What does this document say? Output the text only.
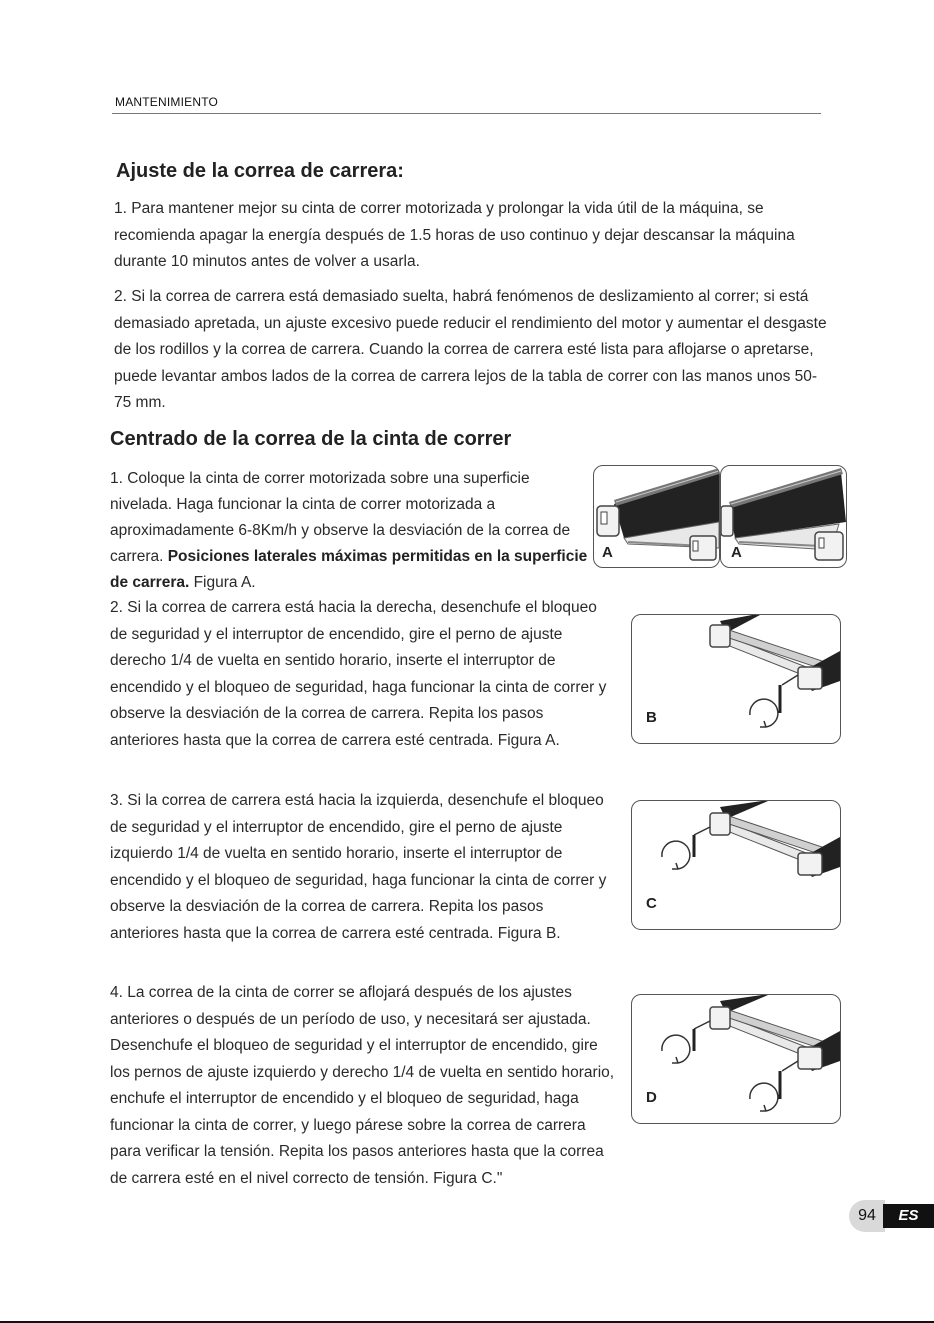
MANTENIMIENTO
Ajuste de la correa de carrera:

1. Para mantener mejor su cinta de correr motorizada y prolongar la vida útil de la máquina, se recomienda apagar la energía después de 1.5 horas de uso continuo y dejar descansar la máquina durante 10 minutos antes de volver a usarla.

2. Si la correa de carrera está demasiado suelta, habrá fenómenos de deslizamiento al correr; si está demasiado apretada, un ajuste excesivo puede reducir el rendimiento del motor y aumentar el desgaste de los rodillos y la correa de carrera. Cuando la correa de carrera esté lista para aflojarse o apretarse, puede levantar ambos lados de la correa de carrera lejos de la tabla de correr con las manos unos 50-75 mm.

Centrado de la correa de la cinta de correr

1. Coloque la cinta de correr motorizada sobre una superficie nivelada. Haga funcionar la cinta de correr motorizada a aproximadamente 6-8Km/h y observe la desviación de la correa de carrera. Posiciones laterales máximas permitidas en la superficie de carrera. Figura A.

2. Si la correa de carrera está hacia la derecha, desenchufe el bloqueo de seguridad y el interruptor de encendido, gire el perno de ajuste derecho 1/4 de vuelta en sentido horario, inserte el interruptor de encendido y el bloqueo de seguridad, haga funcionar la cinta de correr y observe la desviación de la correa de carrera. Repita los pasos anteriores hasta que la correa de carrera esté centrada. Figura A.

3. Si la correa de carrera está hacia la izquierda, desenchufe el bloqueo de seguridad y el interruptor de encendido, gire el perno de ajuste izquierdo 1/4 de vuelta en sentido horario, inserte el interruptor de encendido y el bloqueo de seguridad, haga funcionar la cinta de correr y observe la desviación de la correa de carrera. Repita los pasos anteriores hasta que la correa de carrera esté centrada. Figura B.

4. La correa de la cinta de correr se aflojará después de los ajustes anteriores o después de un período de uso, y necesitará ser ajustada. Desenchufe el bloqueo de seguridad y el interruptor de encendido, gire los pernos de ajuste izquierdo y derecho 1/4 de vuelta en sentido horario, enchufe el interruptor de encendido y el bloqueo de seguridad, haga funcionar la cinta de correr, y luego párese sobre la correa de carrera para verificar la tensión. Repita los pasos anteriores hasta que la correa de carrera esté en el nivel correcto de tensión. Figura C."

A	A
B
C
D
94	ES
